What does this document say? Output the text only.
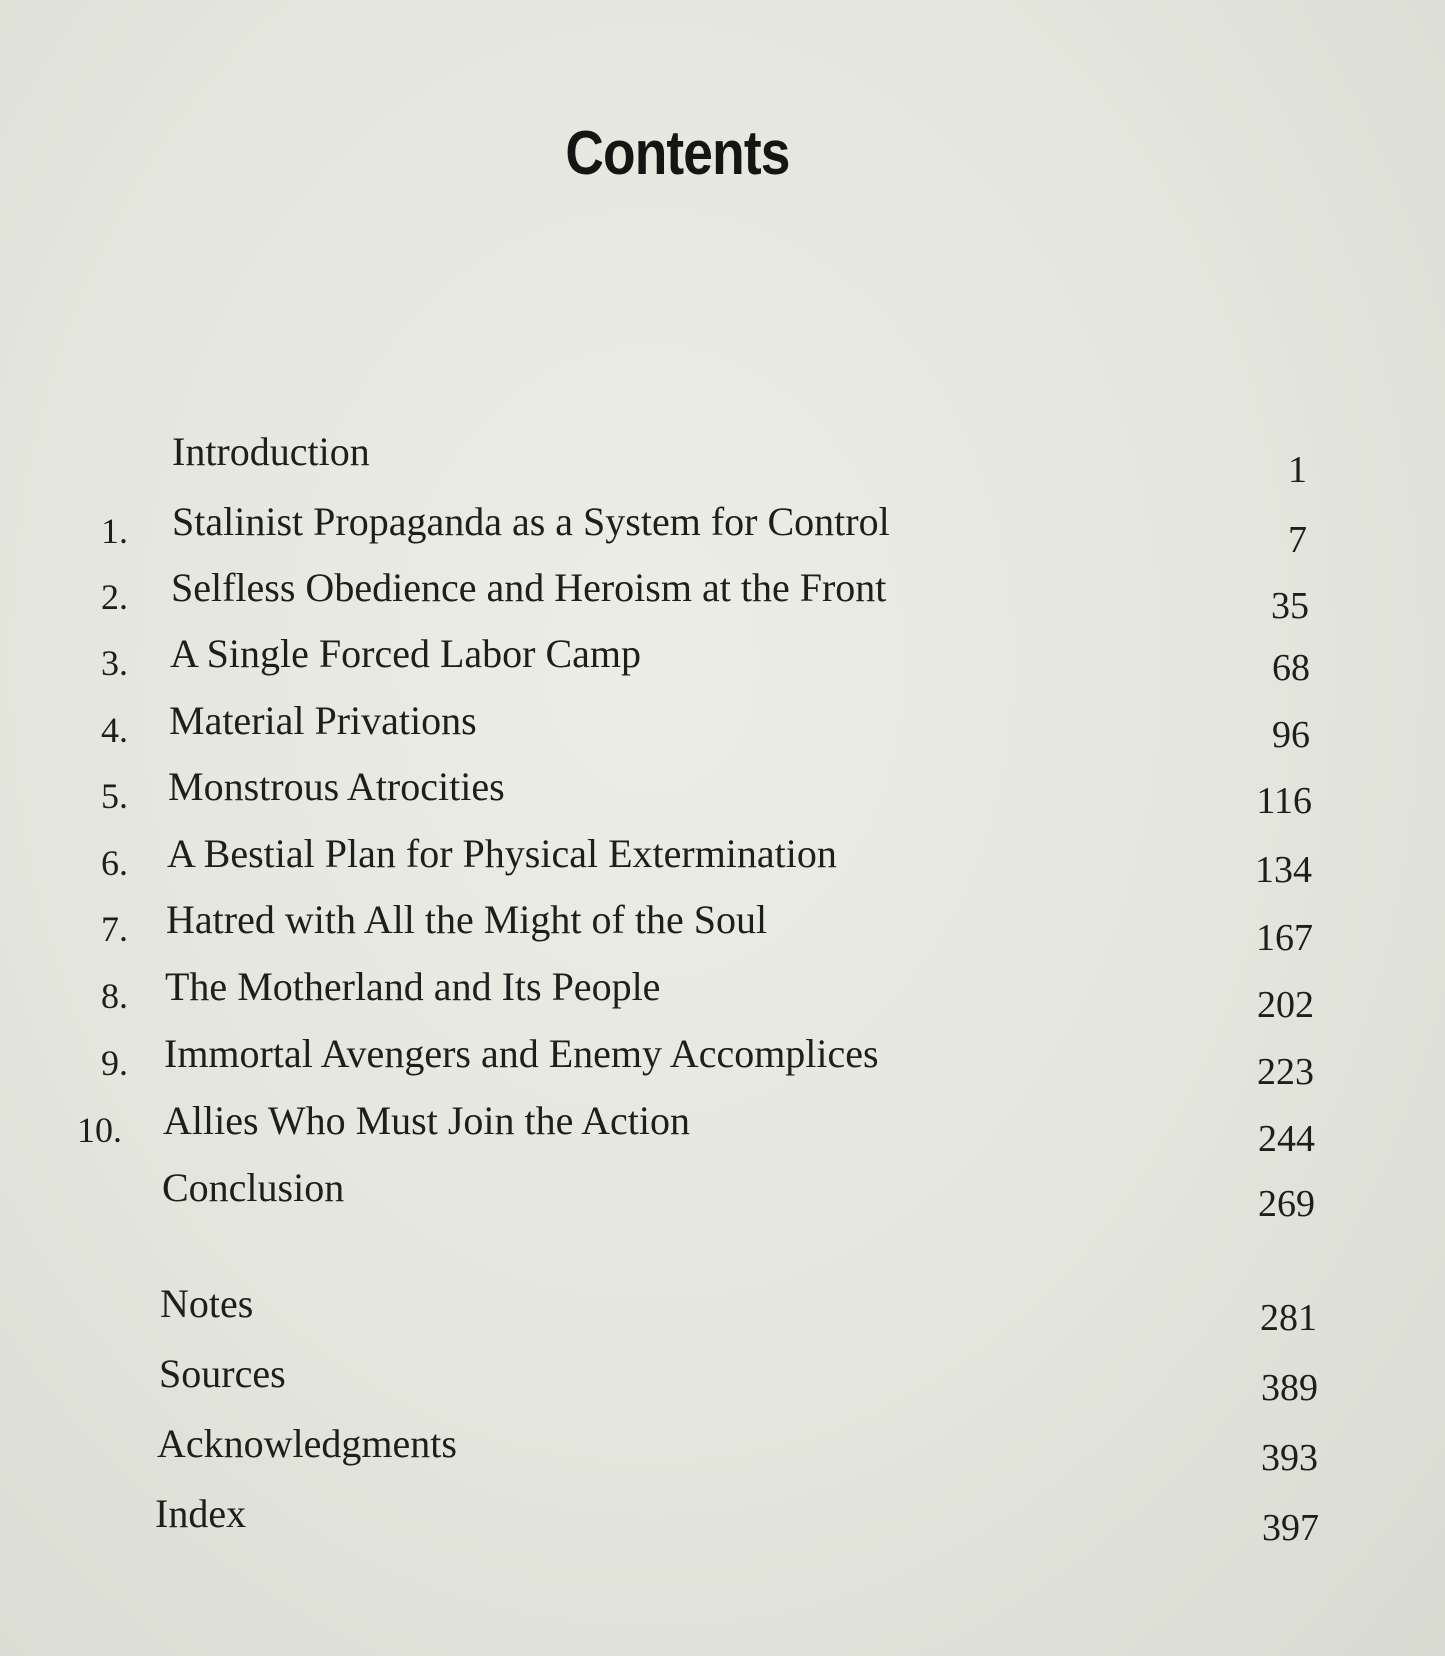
Contents
Introduction	1
1. Stalinist Propaganda as a System for Control	7
2. Selfless Obedience and Heroism at the Front	35
3. A Single Forced Labor Camp	68
4. Material Privations	96
5. Monstrous Atrocities	116
6. A Bestial Plan for Physical Extermination	134
7. Hatred with All the Might of the Soul	167
8. The Motherland and Its People	202
9. Immortal Avengers and Enemy Accomplices	223
10. Allies Who Must Join the Action	244
Conclusion	269
Notes	281
Sources	389
Acknowledgments	393
Index	397
